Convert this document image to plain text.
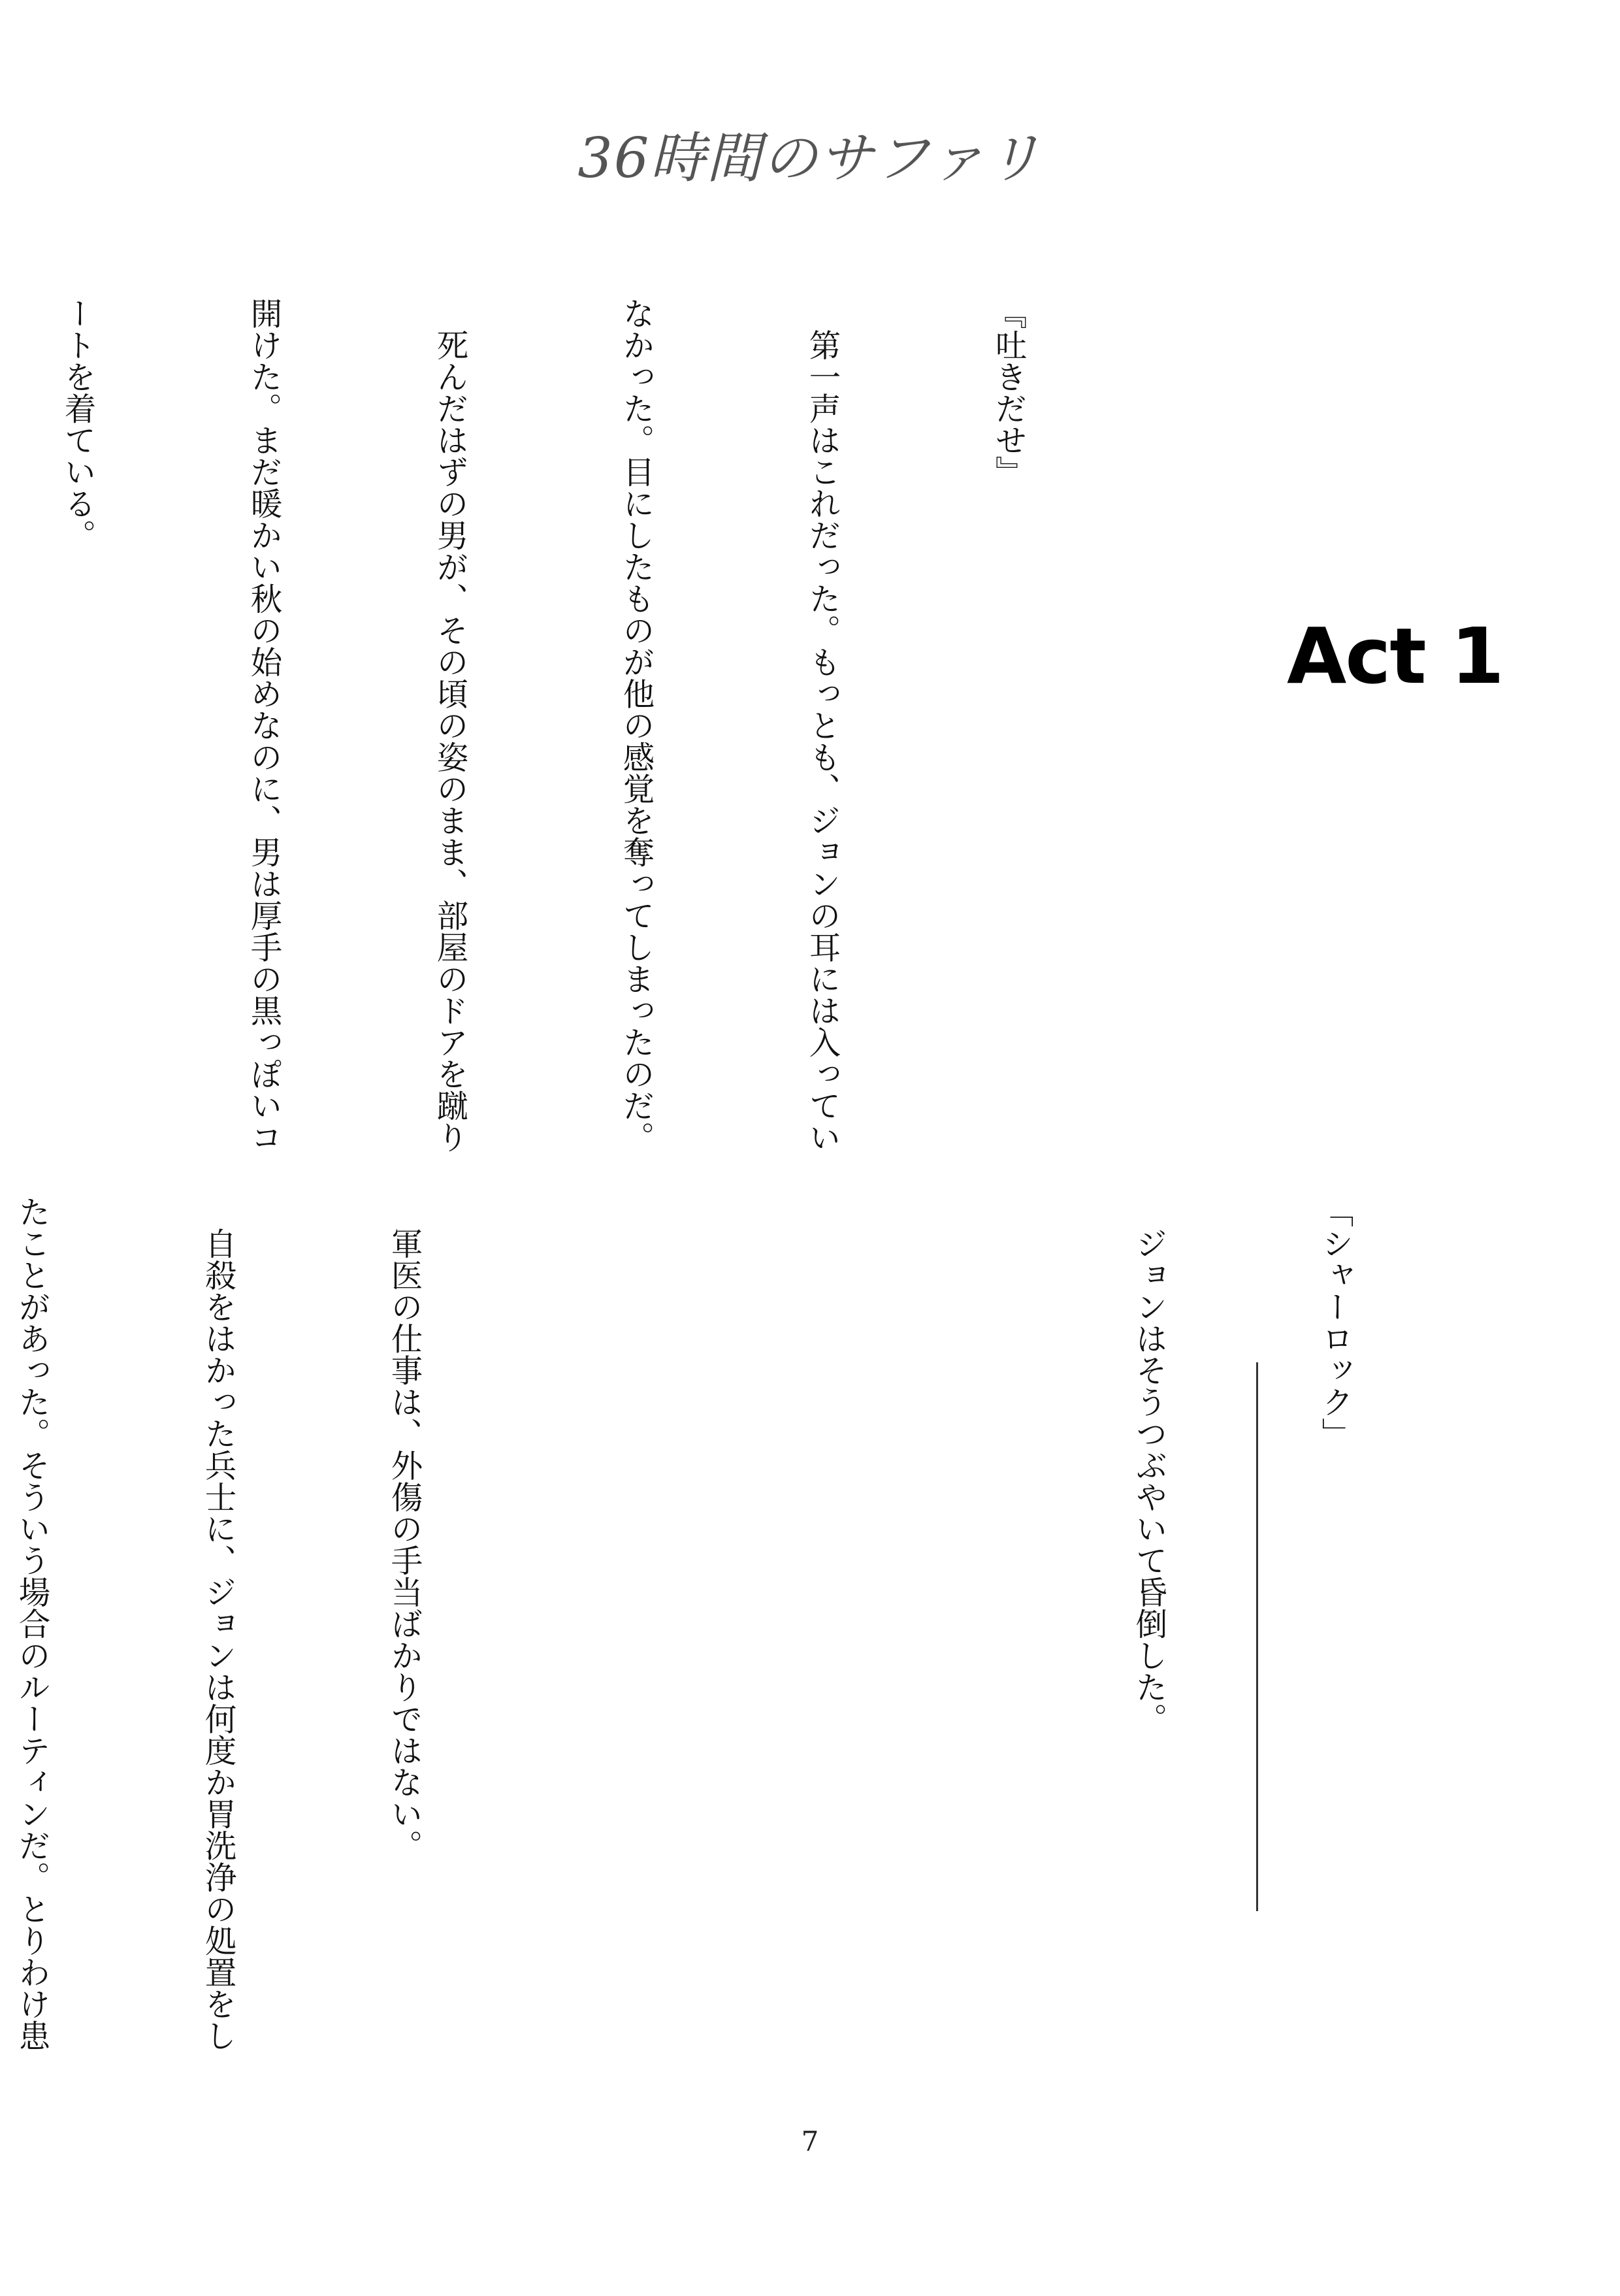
36時間のサファリ
Act 1

『吐きだせ』

　第一声はこれだった。もっとも、ジョンの耳には入ってい

なかった。目にしたものが他の感覚を奪ってしまったのだ。

　死んだはずの男が、その頃の姿のまま、部屋のドアを蹴り

開けた。まだ暖かい秋の始めなのに、男は厚手の黒っぽいコ

ートを着ている。

「シャーロック」

　ジョンはそうつぶやいて昏倒した。

　軍医の仕事は、外傷の手当ばかりではない。

　自殺をはかった兵士に、ジョンは何度か胃洗浄の処置をし

たことがあった。そういう場合のルーティンだ。とりわけ患

7
